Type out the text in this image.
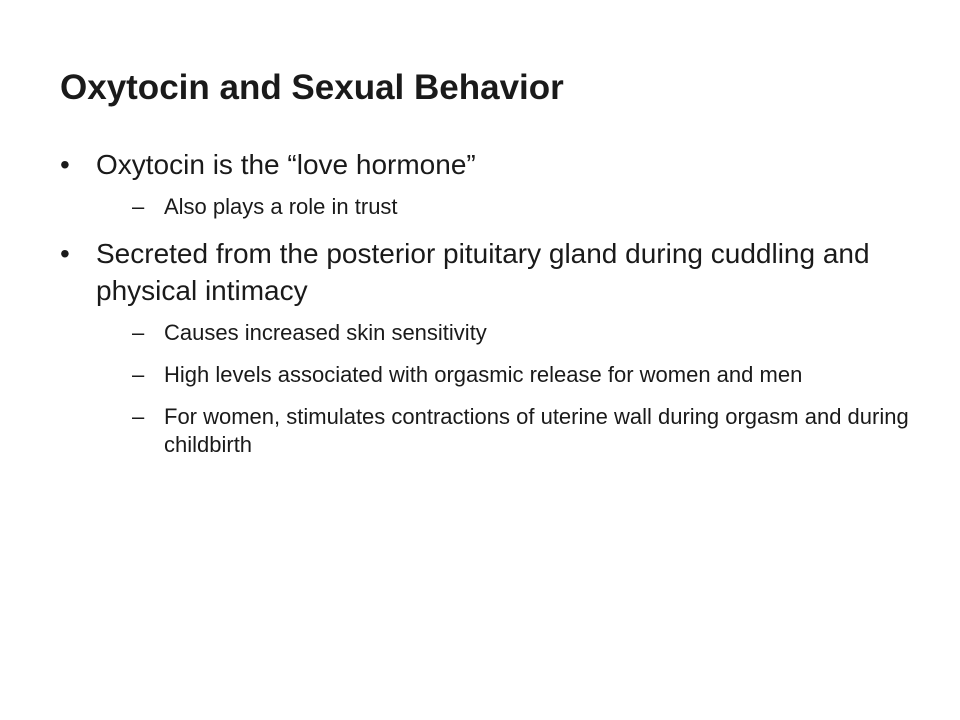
Oxytocin and Sexual Behavior
• Oxytocin is the “love hormone”
– Also plays a role in trust
• Secreted from the posterior pituitary gland during cuddling and physical intimacy
– Causes increased skin sensitivity
– High levels associated with orgasmic release for women and men
– For women, stimulates contractions of uterine wall during orgasm and during childbirth
